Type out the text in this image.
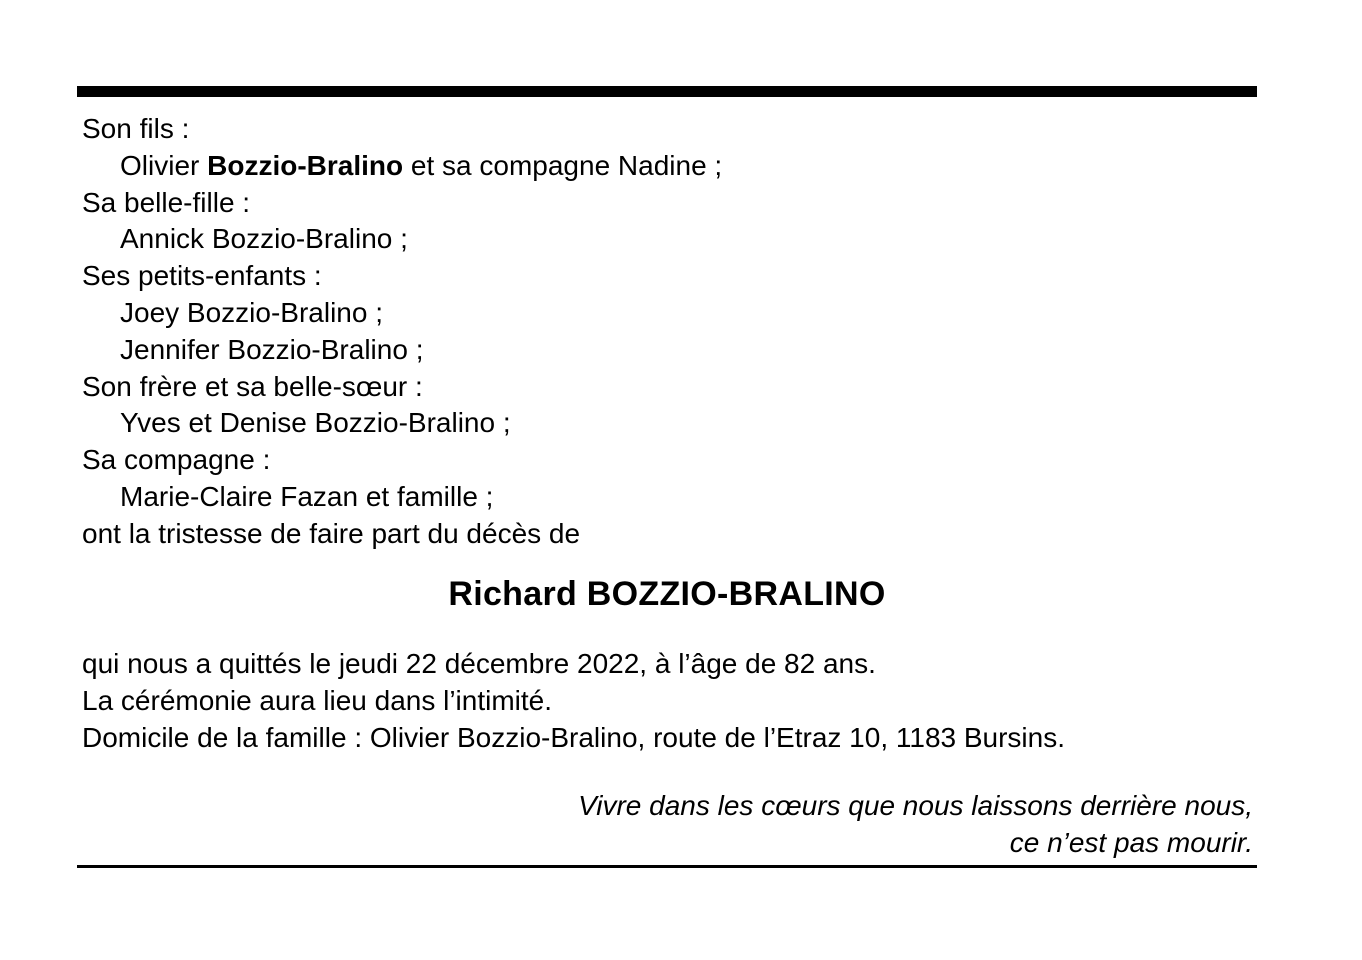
Son fils :
Olivier Bozzio-Bralino et sa compagne Nadine ;
Sa belle-fille :
Annick Bozzio-Bralino ;
Ses petits-enfants :
Joey Bozzio-Bralino ;
Jennifer Bozzio-Bralino ;
Son frère et sa belle-sœur :
Yves et Denise Bozzio-Bralino ;
Sa compagne :
Marie-Claire Fazan et famille ;
ont la tristesse de faire part du décès de
Richard BOZZIO-BRALINO
qui nous a quittés le jeudi 22 décembre 2022, à l’âge de 82 ans.
La cérémonie aura lieu dans l’intimité.
Domicile de la famille : Olivier Bozzio-Bralino, route de l’Etraz 10, 1183 Bursins.
Vivre dans les cœurs que nous laissons derrière nous,
ce n’est pas mourir.
